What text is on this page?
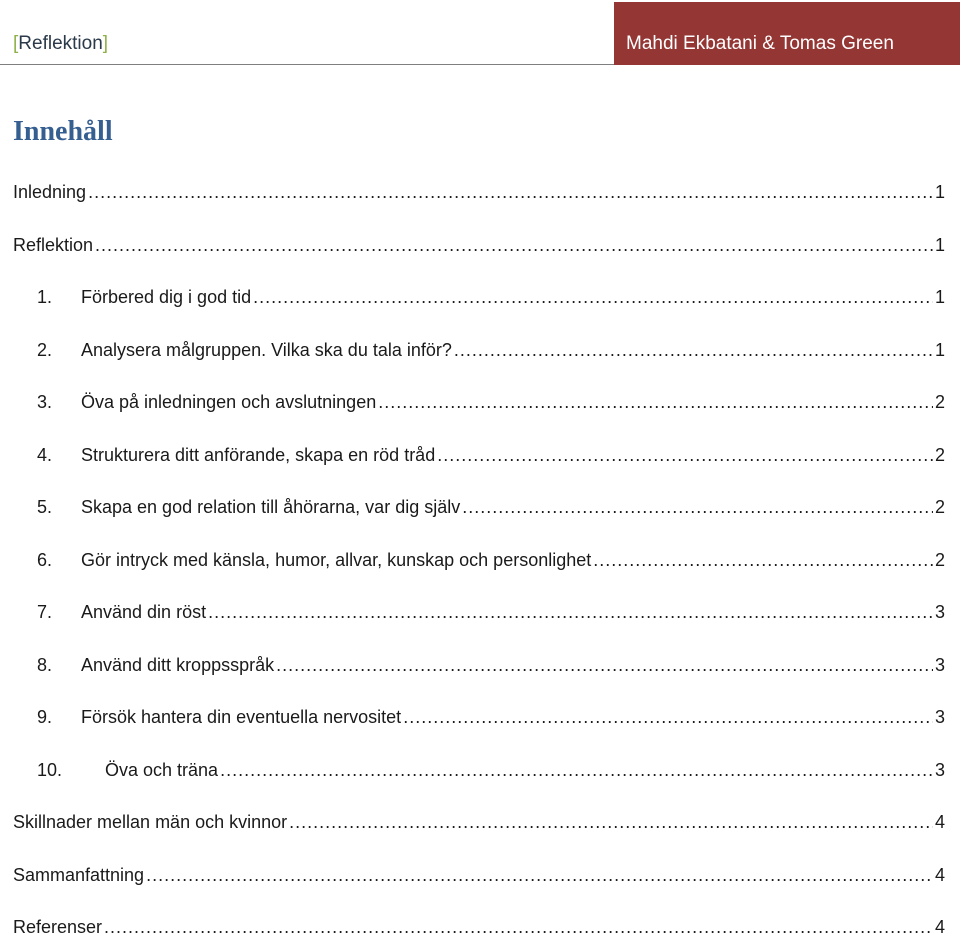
[Reflektion]	Mahdi Ekbatani & Tomas Green
Innehåll
Inledning .....	1
Reflektion .....	1
1.	Förbered dig i god tid .....	1
2.	Analysera målgruppen. Vilka ska du tala inför? .....	1
3.	Öva på inledningen och avslutningen .....	2
4.	Strukturera ditt anförande, skapa en röd tråd .....	2
5.	Skapa en god relation till åhörarna, var dig själv .....	2
6.	Gör intryck med känsla, humor, allvar, kunskap och personlighet .....	2
7.	Använd din röst .....	3
8.	Använd ditt kroppsspråk .....	3
9.	Försök hantera din eventuella nervositet .....	3
10.	Öva och träna .....	3
Skillnader mellan män och kvinnor .....	4
Sammanfattning .....	4
Referenser .....	4
